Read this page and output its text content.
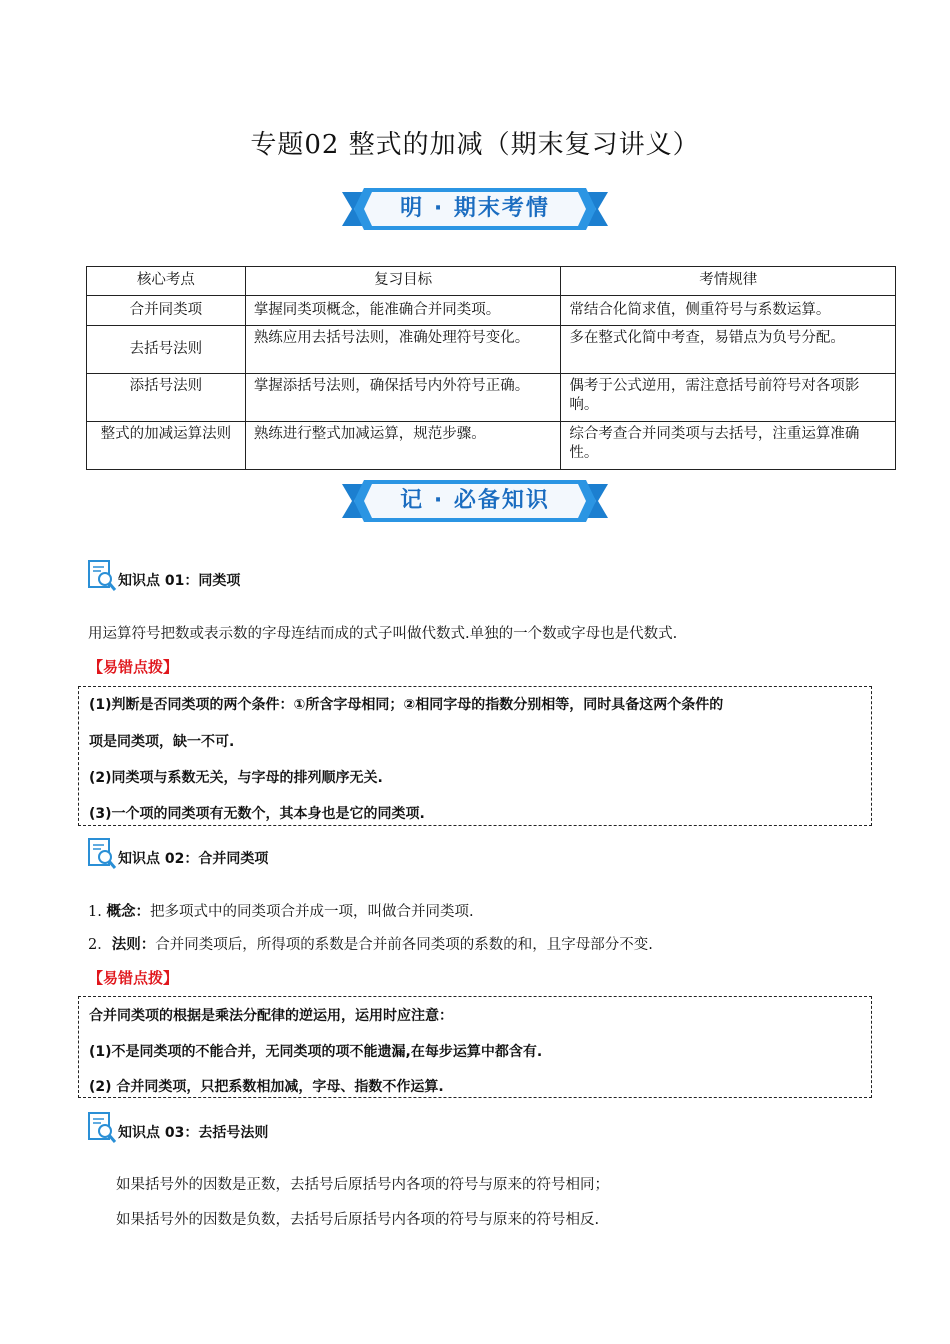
专题02 整式的加减（期末复习讲义）
明 · 期末考情
核心考点	复习目标	考情规律
合并同类项	掌握同类项概念，能准确合并同类项。	常结合化简求值，侧重符号与系数运算。
去括号法则	熟练应用去括号法则，准确处理符号变化。	多在整式化简中考查，易错点为负号分配。
添括号法则	掌握添括号法则，确保括号内外符号正确。	偶考于公式逆用，需注意括号前符号对各项影响。
整式的加减运算法则	熟练进行整式加减运算，规范步骤。	综合考查合并同类项与去括号，注重运算准确性。
记 · 必备知识
知识点 01：同类项
用运算符号把数或表示数的字母连结而成的式子叫做代数式.单独的一个数或字母也是代数式.
【易错点拨】
(1)判断是否同类项的两个条件：①所含字母相同；②相同字母的指数分别相等，同时具备这两个条件的
项是同类项，缺一不可.
(2)同类项与系数无关，与字母的排列顺序无关.
(3)一个项的同类项有无数个，其本身也是它的同类项.
知识点 02：合并同类项
1. 概念：把多项式中的同类项合并成一项，叫做合并同类项.
2．法则：合并同类项后，所得项的系数是合并前各同类项的系数的和，且字母部分不变.
【易错点拨】
合并同类项的根据是乘法分配律的逆运用，运用时应注意：
(1)不是同类项的不能合并，无同类项的项不能遗漏,在每步运算中都含有.
(2) 合并同类项，只把系数相加减，字母、指数不作运算.
知识点 03：去括号法则
如果括号外的因数是正数，去括号后原括号内各项的符号与原来的符号相同；
如果括号外的因数是负数，去括号后原括号内各项的符号与原来的符号相反.
